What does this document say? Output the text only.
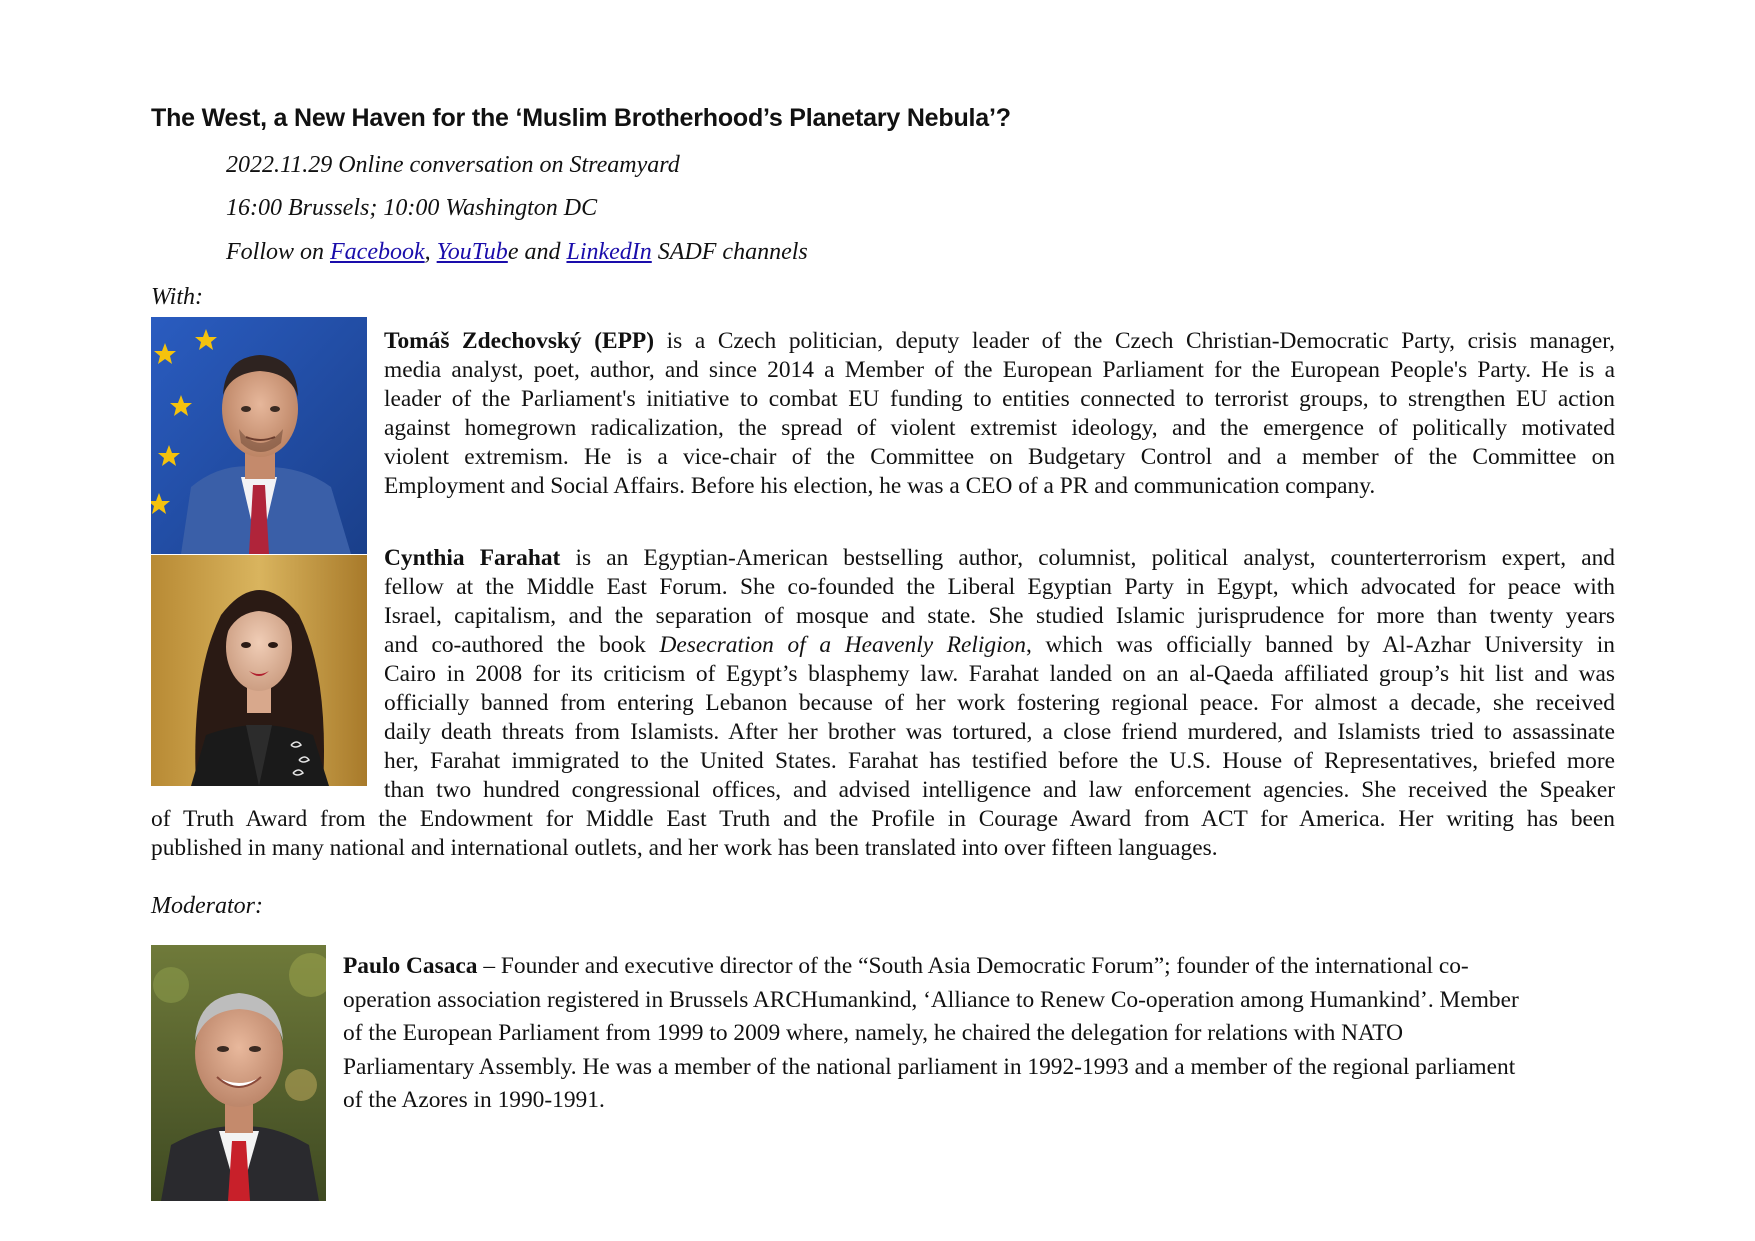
The West, a New Haven for the ‘Muslim Brotherhood’s Planetary Nebula’?
2022.11.29 Online conversation on Streamyard
16:00 Brussels; 10:00 Washington DC
Follow on Facebook, YouTube and LinkedIn SADF channels
With:
Tomáš Zdechovský (EPP) is a Czech politician, deputy leader of the Czech Christian-Democratic Party, crisis manager,
media analyst, poet, author, and since 2014 a Member of the European Parliament for the European People's Party. He is a
leader of the Parliament's initiative to combat EU funding to entities connected to terrorist groups, to strengthen EU action
against homegrown radicalization, the spread of violent extremist ideology, and the emergence of politically motivated
violent extremism. He is a vice-chair of the Committee on Budgetary Control and a member of the Committee on
Employment and Social Affairs. Before his election, he was a CEO of a PR and communication company.
Cynthia Farahat is an Egyptian-American bestselling author, columnist, political analyst, counterterrorism expert, and
fellow at the Middle East Forum. She co-founded the Liberal Egyptian Party in Egypt, which advocated for peace with
Israel, capitalism, and the separation of mosque and state. She studied Islamic jurisprudence for more than twenty years
and co-authored the book Desecration of a Heavenly Religion, which was officially banned by Al-Azhar University in
Cairo in 2008 for its criticism of Egypt’s blasphemy law. Farahat landed on an al-Qaeda affiliated group’s hit list and was
officially banned from entering Lebanon because of her work fostering regional peace. For almost a decade, she received
daily death threats from Islamists. After her brother was tortured, a close friend murdered, and Islamists tried to assassinate
her, Farahat immigrated to the United States. Farahat has testified before the U.S. House of Representatives, briefed more
than two hundred congressional offices, and advised intelligence and law enforcement agencies. She received the Speaker
of Truth Award from the Endowment for Middle East Truth and the Profile in Courage Award from ACT for America. Her writing has been
published in many national and international outlets, and her work has been translated into over fifteen languages.
Moderator:
Paulo Casaca – Founder and executive director of the “South Asia Democratic Forum”; founder of the international co-
operation association registered in Brussels ARCHumankind, ‘Alliance to Renew Co-operation among Humankind’. Member
of the European Parliament from 1999 to 2009 where, namely, he chaired the delegation for relations with NATO
Parliamentary Assembly. He was a member of the national parliament in 1992-1993 and a member of the regional parliament
of the Azores in 1990-1991.
